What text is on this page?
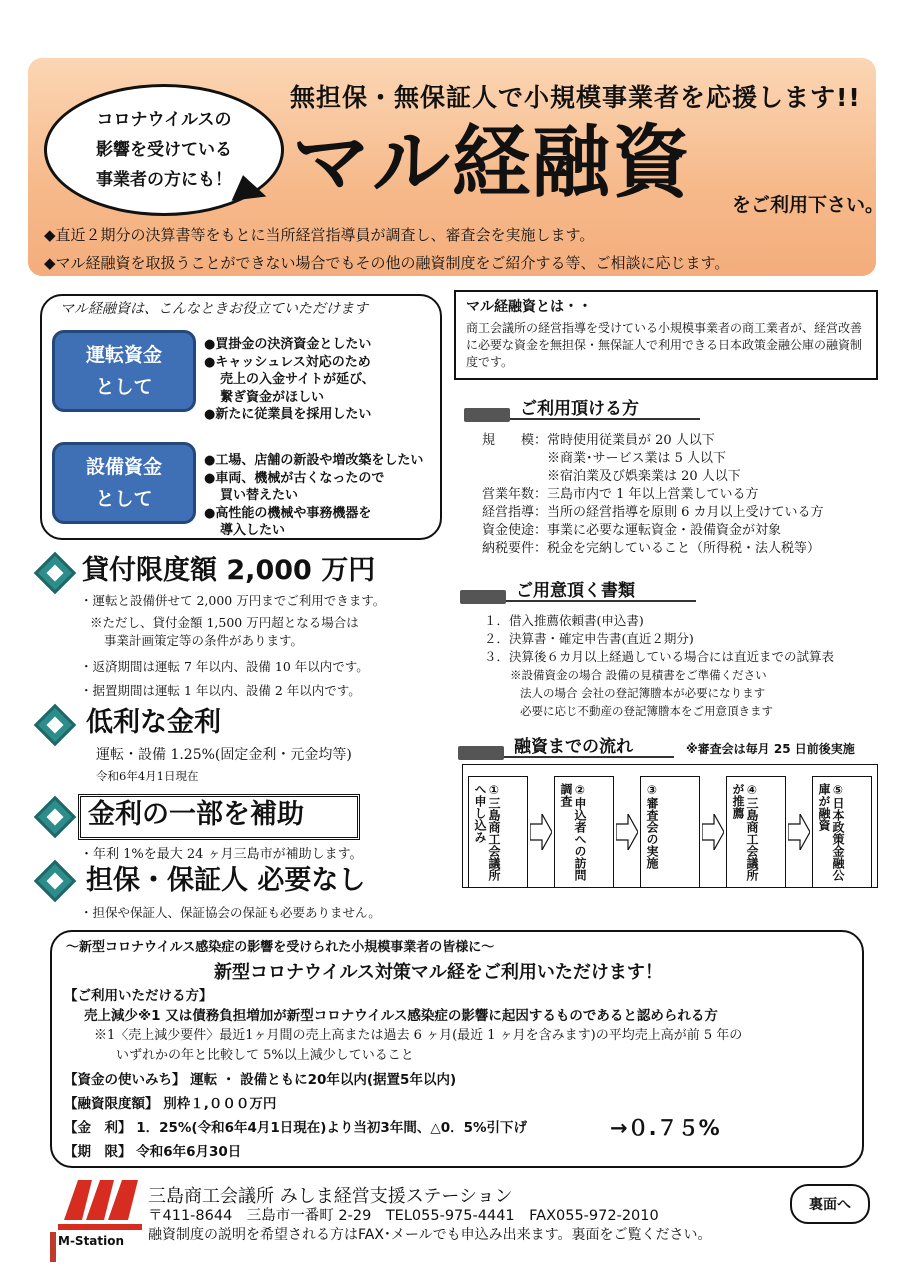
コロナウイルスの
影響を受けている
事業者の方にも！
無担保・無保証人で小規模事業者を応援します!!
マル経融資 をご利用下さい。
◆直近２期分の決算書等をもとに当所経営指導員が調査し、審査会を実施します。
◆マル経融資を取扱うことができない場合でもその他の融資制度をご紹介する等、ご相談に応じます。
マル経融資は、こんなときお役立ていただけます
運転資金
として
●買掛金の決済資金としたい
●キャッシュレス対応のため
売上の入金サイトが延び、
繋ぎ資金がほしい
●新たに従業員を採用したい
設備資金
として
●工場、店舗の新設や増改築をしたい
●車両、機械が古くなったので
買い替えたい
●高性能の機械や事務機器を
導入したい
マル経融資とは・・
商工会議所の経営指導を受けている小規模事業者の商工業者が、経営改善に必要な資金を無担保・無保証人で利用できる日本政策金融公庫の融資制度です。
ご利用頂ける方
規　　模：常時使用従業員が 20 人以下
　　　　　※商業･サービス業は 5 人以下
　　　　　※宿泊業及び娯楽業は 20 人以下
営業年数：三島市内で 1 年以上営業している方
経営指導：当所の経営指導を原則 6 カ月以上受けている方
資金使途：事業に必要な運転資金・設備資金が対象
納税要件：税金を完納していること（所得税・法人税等）
ご用意頂く書類
１．借入推薦依頼書(申込書)
２．決算書・確定申告書(直近２期分)
３．決算後６カ月以上経過している場合には直近までの試算表
※設備資金の場合 設備の見積書をご準備ください
法人の場合 会社の登記簿謄本が必要になります
必要に応じ不動産の登記簿謄本をご用意頂きます
融資までの流れ	※審査会は毎月 25 日前後実施
①三島商工会議所へ申し込み	②申込者への訪問調査	③審査会の実施	④三島商工会議所が推薦	⑤日本政策金融公庫が融資
貸付限度額 2,000 万円
・運転と設備併せて 2,000 万円までご利用できます。
※ただし、貸付金額 1,500 万円超となる場合は
事業計画策定等の条件があります。
・返済期間は運転 7 年以内、設備 10 年以内です。
・据置期間は運転 1 年以内、設備 2 年以内です。
低利な金利
運転・設備 1.25%(固定金利・元金均等)
令和6年4月1日現在
金利の一部を補助
・年利 1%を最大 24 ヶ月三島市が補助します。
担保・保証人 必要なし
・担保や保証人、保証協会の保証も必要ありません。
～新型コロナウイルス感染症の影響を受けられた小規模事業者の皆様に～
新型コロナウイルス対策マル経をご利用いただけます！
【ご利用いただける方】
売上減少※1 又は債務負担増加が新型コロナウイルス感染症の影響に起因するものであると認められる方
※1〈売上減少要件〉最近1ヶ月間の売上高または過去 6 ヶ月(最近 1 ヶ月を含みます)の平均売上高が前 5 年の
いずれかの年と比較して 5%以上減少していること
【資金の使いみち】 運転 ・ 設備ともに20年以内(据置5年以内)
【融資限度額】 別枠１,０００万円
【金　利】 1．25%(令和6年4月1日現在)より当初3年間、△0．5%引下げ	→０.７５%
【期　限】 令和6年6月30日
M-Station
三島商工会議所 みしま経営支援ステーション
〒411-8644　三島市一番町 2-29　TEL055-975-4441　FAX055-972-2010
融資制度の説明を希望される方はFAX･メールでも申込み出来ます。裏面をご覧ください。
裏面へ
